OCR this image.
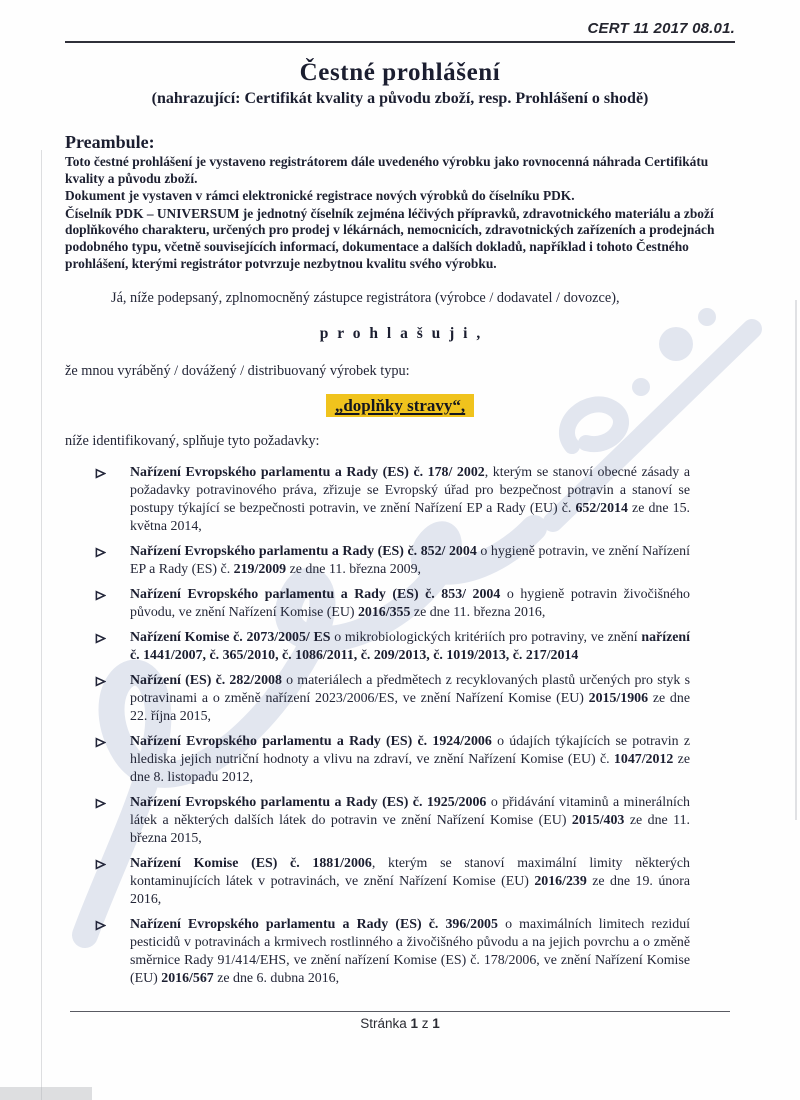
CERT 11 2017 08.01.
Čestné prohlášení
(nahrazující: Certifikát kvality a původu zboží, resp. Prohlášení o shodě)
Preambule:

Toto čestné prohlášení je vystaveno registrátorem dále uvedeného výrobku jako rovnocenná náhrada Certifikátu kvality a původu zboží.

Dokument je vystaven v rámci elektronické registrace nových výrobků do číselníku PDK.

Číselník PDK – UNIVERSUM je jednotný číselník zejména léčivých přípravků, zdravotnického materiálu a zboží doplňkového charakteru, určených pro prodej v lékárnách, nemocnicích, zdravotnických zařízeních a prodejnách podobného typu, včetně souvisejících informací, dokumentace a dalších dokladů, například i tohoto Čestného prohlášení, kterými registrátor potvrzuje nezbytnou kvalitu svého výrobku.

Já, níže podepsaný, zplnomocněný zástupce registrátora (výrobce / dodavatel / dovozce),
p r o h l a š u j i ,
že mnou vyráběný / dovážený / distribuovaný výrobek typu:
„doplňky stravy“,
níže identifikovaný, splňuje tyto požadavky:
Nařízení Evropského parlamentu a Rady (ES) č. 178/ 2002, kterým se stanoví obecné zásady a požadavky potravinového práva, zřizuje se Evropský úřad pro bezpečnost potravin a stanoví se postupy týkající se bezpečnosti potravin, ve znění Nařízení EP a Rady (EU) č. 652/2014 ze dne 15. května 2014,
Nařízení Evropského parlamentu a Rady (ES) č. 852/ 2004 o hygieně potravin, ve znění Nařízení EP a Rady (ES) č. 219/2009 ze dne 11. března 2009,
Nařízení Evropského parlamentu a Rady (ES) č. 853/ 2004 o hygieně potravin živočišného původu, ve znění Nařízení Komise (EU) 2016/355 ze dne 11. března 2016,
Nařízení Komise č. 2073/2005/ ES o mikrobiologických kritériích pro potraviny, ve znění nařízení č. 1441/2007, č. 365/2010, č. 1086/2011, č. 209/2013, č. 1019/2013, č. 217/2014
Nařízení (ES) č. 282/2008 o materiálech a předmětech z recyklovaných plastů určených pro styk s potravinami a o změně nařízení 2023/2006/ES, ve znění Nařízení Komise (EU) 2015/1906 ze dne 22. října 2015,
Nařízení Evropského parlamentu a Rady (ES) č. 1924/2006 o údajích týkajících se potravin z hlediska jejich nutriční hodnoty a vlivu na zdraví, ve znění Nařízení Komise (EU) č. 1047/2012 ze dne 8. listopadu 2012,
Nařízení Evropského parlamentu a Rady (ES) č. 1925/2006 o přidávání vitaminů a minerálních látek a některých dalších látek do potravin ve znění Nařízení Komise (EU) 2015/403 ze dne 11. března 2015,
Nařízení Komise (ES) č. 1881/2006, kterým se stanoví maximální limity některých kontaminujících látek v potravinách, ve znění Nařízení Komise (EU) 2016/239 ze dne 19. února 2016,
Nařízení Evropského parlamentu a Rady (ES) č. 396/2005 o maximálních limitech reziduí pesticidů v potravinách a krmivech rostlinného a živočišného původu a na jejich povrchu a o změně směrnice Rady 91/414/EHS, ve znění nařízení Komise (ES) č. 178/2006, ve znění Nařízení Komise (EU) 2016/567 ze dne 6. dubna 2016,
Stránka 1 z 1
